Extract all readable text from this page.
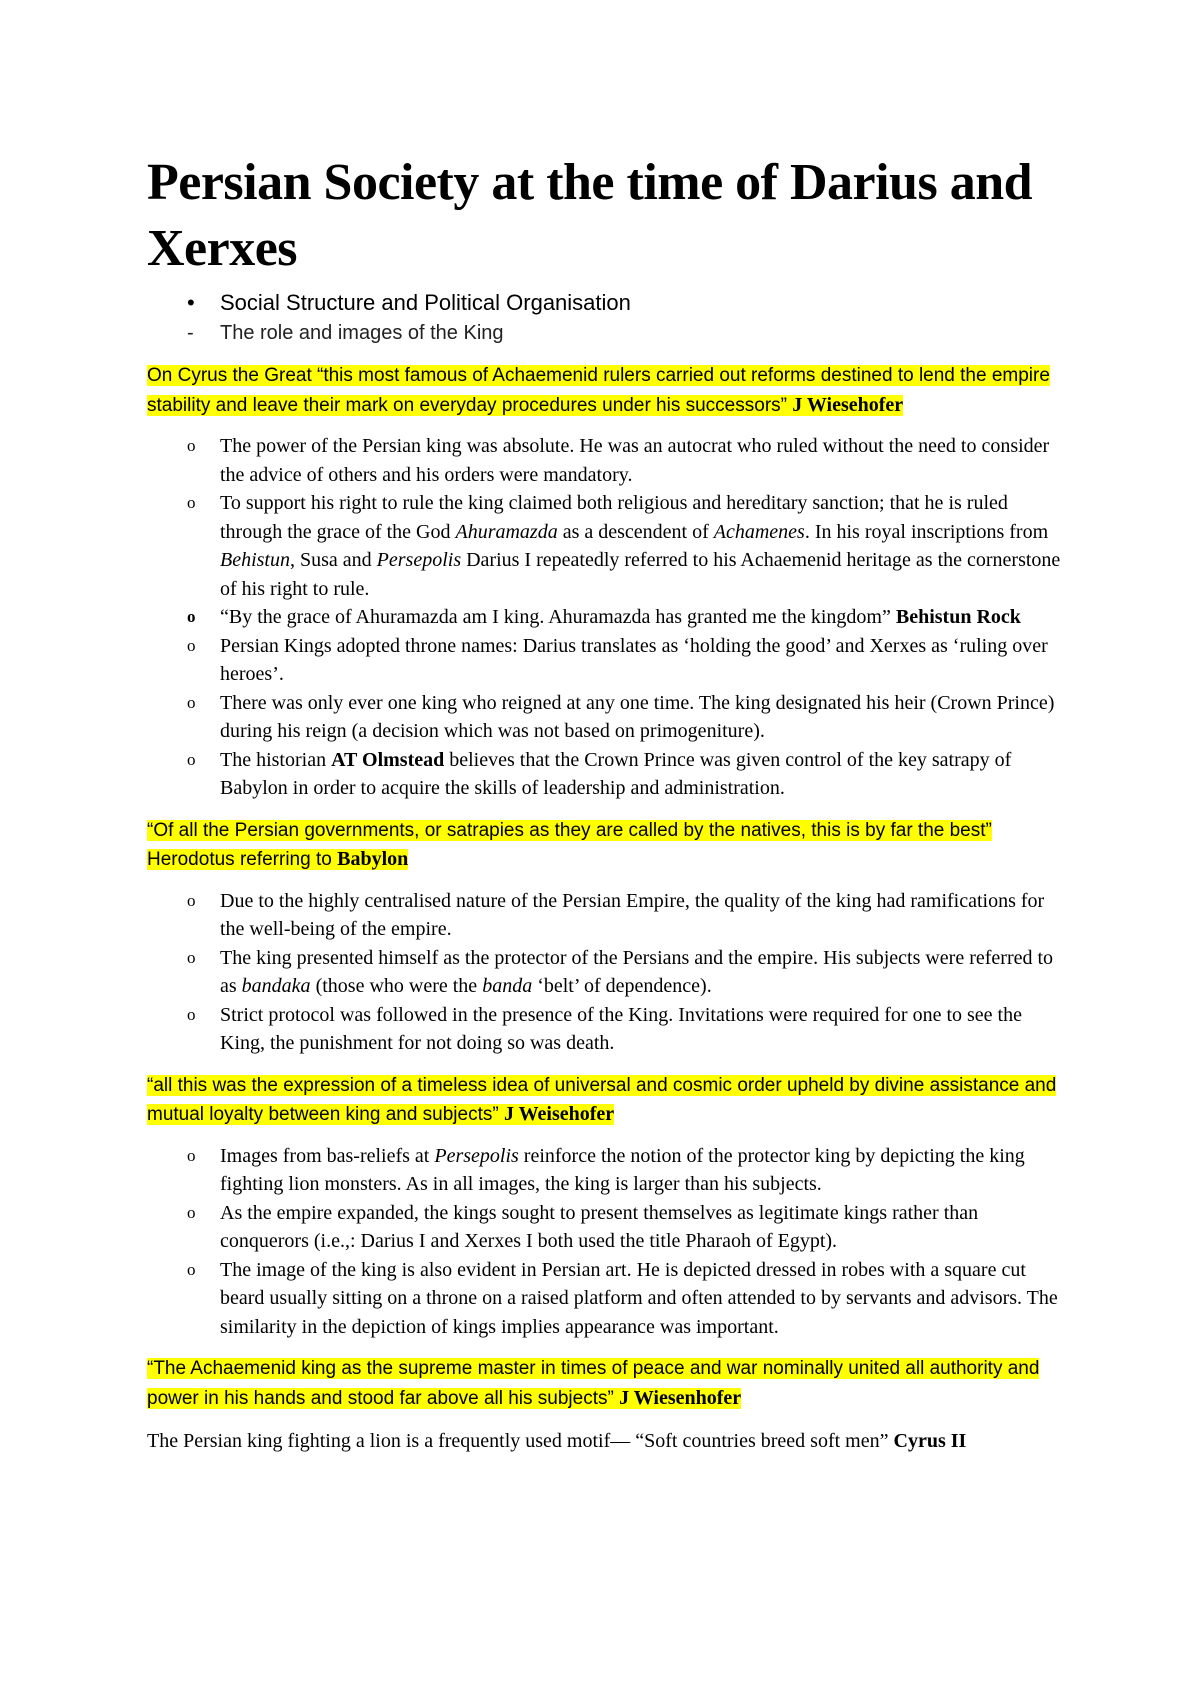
Persian Society at the time of Darius and Xerxes
• Social Structure and Political Organisation
- The role and images of the King
On Cyrus the Great “this most famous of Achaemenid rulers carried out reforms destined to lend the empire stability and leave their mark on everyday procedures under his successors” J Wiesehofer
o The power of the Persian king was absolute. He was an autocrat who ruled without the need to consider the advice of others and his orders were mandatory.
o To support his right to rule the king claimed both religious and hereditary sanction; that he is ruled through the grace of the God Ahuramazda as a descendent of Achamenes. In his royal inscriptions from Behistun, Susa and Persepolis Darius I repeatedly referred to his Achaemenid heritage as the cornerstone of his right to rule.
o “By the grace of Ahuramazda am I king. Ahuramazda has granted me the kingdom” Behistun Rock
o Persian Kings adopted throne names: Darius translates as ‘holding the good’ and Xerxes as ‘ruling over heroes’.
o There was only ever one king who reigned at any one time. The king designated his heir (Crown Prince) during his reign (a decision which was not based on primogeniture).
o The historian AT Olmstead believes that the Crown Prince was given control of the key satrapy of Babylon in order to acquire the skills of leadership and administration.
“Of all the Persian governments, or satrapies as they are called by the natives, this is by far the best” Herodotus referring to Babylon
o Due to the highly centralised nature of the Persian Empire, the quality of the king had ramifications for the well-being of the empire.
o The king presented himself as the protector of the Persians and the empire. His subjects were referred to as bandaka (those who were the banda ‘belt’ of dependence).
o Strict protocol was followed in the presence of the King. Invitations were required for one to see the King, the punishment for not doing so was death.
“all this was the expression of a timeless idea of universal and cosmic order upheld by divine assistance and mutual loyalty between king and subjects” J Weisehofer
o Images from bas-reliefs at Persepolis reinforce the notion of the protector king by depicting the king fighting lion monsters. As in all images, the king is larger than his subjects.
o As the empire expanded, the kings sought to present themselves as legitimate kings rather than conquerors (i.e.,: Darius I and Xerxes I both used the title Pharaoh of Egypt).
o The image of the king is also evident in Persian art. He is depicted dressed in robes with a square cut beard usually sitting on a throne on a raised platform and often attended to by servants and advisors. The similarity in the depiction of kings implies appearance was important.
“The Achaemenid king as the supreme master in times of peace and war nominally united all authority and power in his hands and stood far above all his subjects” J Wiesenhofer

The Persian king fighting a lion is a frequently used motif— “Soft countries breed soft men” Cyrus II
